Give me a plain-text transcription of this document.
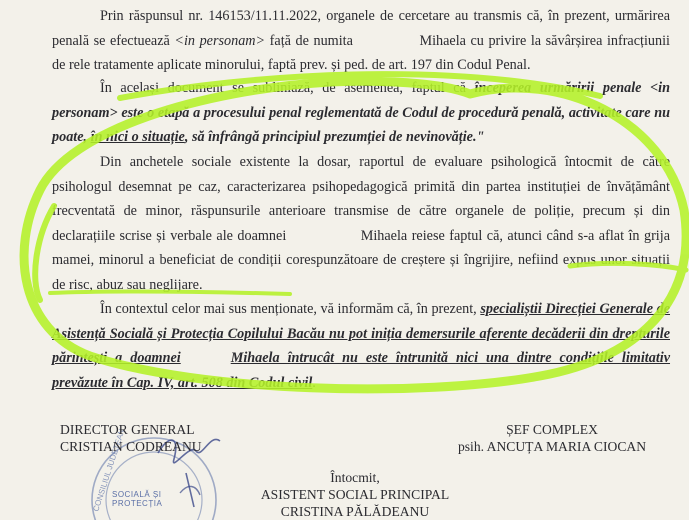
Prin răspunsul nr. 146153/11.11.2022, organele de cercetare au transmis că, în prezent, urmărirea penală se efectuează <in personam> față de numita	Mihaela cu privire la săvârșirea infracțiunii de rele tratamente aplicate minorului, faptă prev. și ped. de art. 197 din Codul Penal.

În același document se subliniază, de asemenea, faptul că începerea urmăririi penale <in personam> este o etapă a procesului penal reglementată de Codul de procedură penală, activitate care nu poate, în nici o situație, să înfrângă principiul prezumției de nevinovăție."

Din anchetele sociale existente la dosar, raportul de evaluare psihologică întocmit de către psihologul desemnat pe caz, caracterizarea psihopedagogică primită din partea instituției de învățământ frecventată de minor, răspunsurile anterioare transmise de către organele de poliție, precum și din declarațiile scrise și verbale ale doamnei	Mihaela reiese faptul că, atunci când s-a aflat în grija mamei, minorul a beneficiat de condiții corespunzătoare de creștere și îngrijire, nefiind expus unor situații de risc, abuz sau neglijare.

În contextul celor mai sus menționate, vă informăm că, în prezent, specialiștii Direcției Generale de Asistență Socială și Protecția Copilului Bacău nu pot iniția demersurile aferente decăderii din drepturile părintești a doamnei	Mihaela întrucât nu este întrunită nici una dintre condițiile limitativ prevăzute în Cap. IV, art. 508 din Codul civil.

CONSILIUL JUDEȚEAN
SOCIALĂ ȘI
PROTECȚIA
DIRECTOR GENERAL
CRISTIAN CODREANU
ȘEF COMPLEX
psih. ANCUȚA MARIA CIOCAN
Întocmit,
ASISTENT SOCIAL PRINCIPAL
CRISTINA PĂLĂDEANU
